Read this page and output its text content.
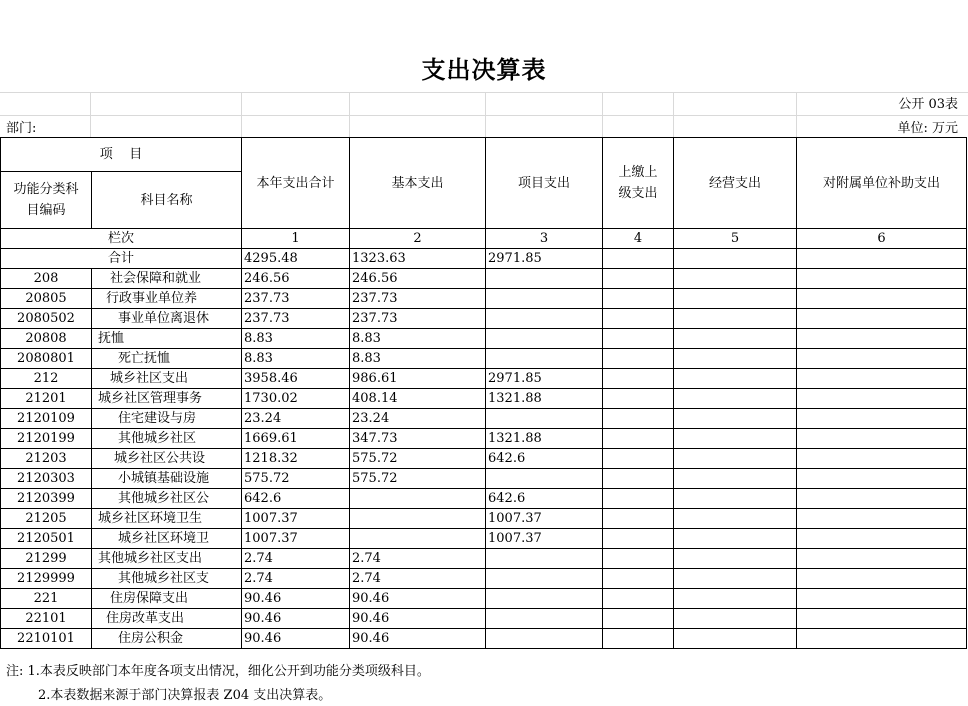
支出决算表
公开 03表
部门:	单位: 万元
项    目		本年支出合计	基本支出	项目支出	上缴上级支出	经营支出	对附属单位补助支出
功能分类科目编码	科目名称						
栏次		1	2	3	4	5	6
合计		4295.48	1323.63	2971.85			
208	社会保障和就业	246.56	246.56				
20805	行政事业单位养	237.73	237.73				
2080502	事业单位离退休	237.73	237.73				
20808	抚恤	8.83	8.83				
2080801	死亡抚恤	8.83	8.83				
212	城乡社区支出	3958.46	986.61	2971.85			
21201	城乡社区管理事务	1730.02	408.14	1321.88			
2120109	住宅建设与房	23.24	23.24				
2120199	其他城乡社区	1669.61	347.73	1321.88			
21203	城乡社区公共设	1218.32	575.72	642.6			
2120303	小城镇基础设施	575.72	575.72				
2120399	其他城乡社区公	642.6		642.6			
21205	城乡社区环境卫生	1007.37		1007.37			
2120501	城乡社区环境卫	1007.37		1007.37			
21299	其他城乡社区支出	2.74	2.74				
2129999	其他城乡社区支	2.74	2.74				
221	住房保障支出	90.46	90.46				
22101	住房改革支出	90.46	90.46				
2210101	住房公积金	90.46	90.46				
注: 1.本表反映部门本年度各项支出情况，细化公开到功能分类项级科目。
2.本表数据来源于部门决算报表 Z04 支出决算表。
